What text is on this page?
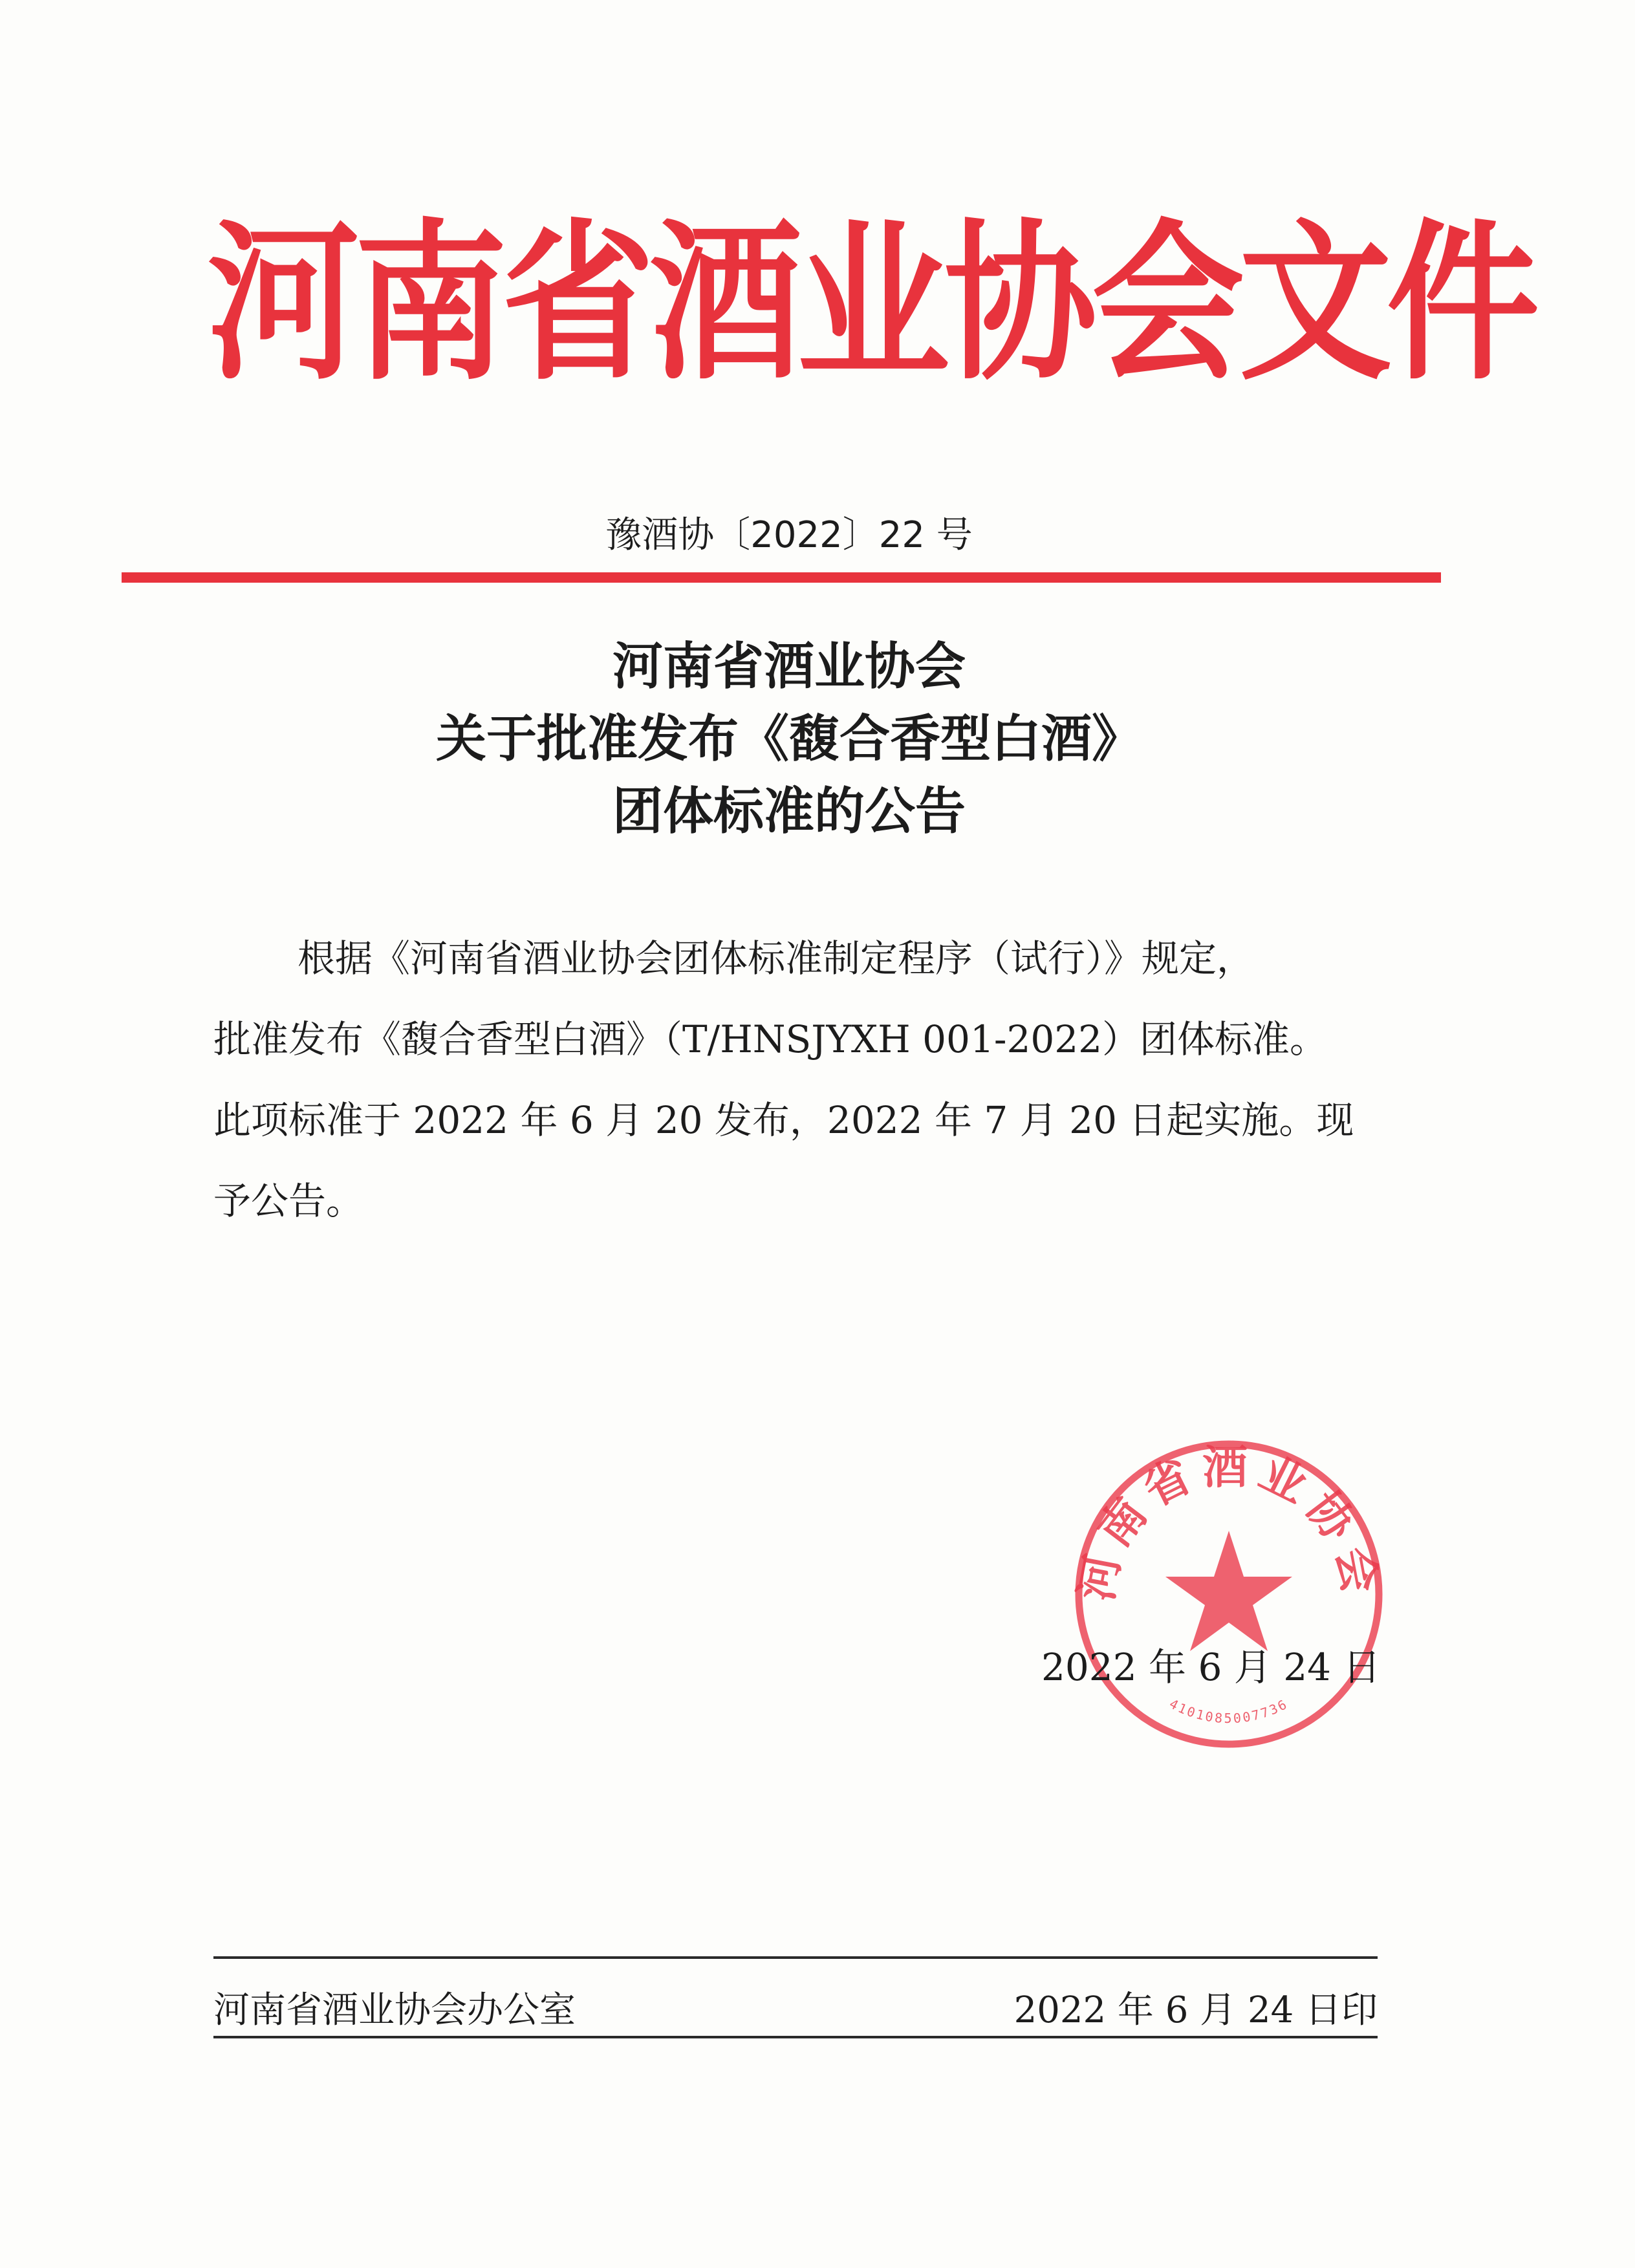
河南省酒业协会文件
豫酒协〔2022〕22 号
河南省酒业协会
关于批准发布《馥合香型白酒》
团体标准的公告
根据《河南省酒业协会团体标准制定程序（试行）》规定，
批准发布《馥合香型白酒》（T/HNSJYXH 001-2022）团体标准。
此项标准于 2022 年 6 月 20 发布，2022 年 7 月 20 日起实施。现
予公告。
河南省酒业协会
4101085007736
2022 年 6 月 24 日
河南省酒业协会办公室	2022 年 6 月 24 日印
